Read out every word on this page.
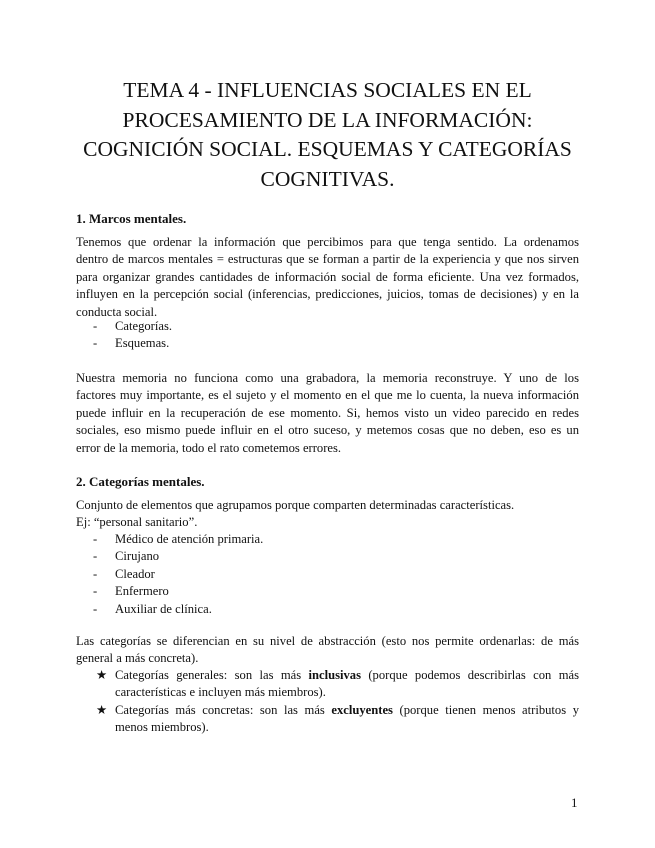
TEMA 4 - INFLUENCIAS SOCIALES EN EL
PROCESAMIENTO DE LA INFORMACIÓN:
COGNICIÓN SOCIAL. ESQUEMAS Y CATEGORÍAS
COGNITIVAS.
1. Marcos mentales.
Tenemos que ordenar la información que percibimos para que tenga sentido. La ordenamos
dentro de marcos mentales = estructuras que se forman a partir de la experiencia y que nos sirven
para organizar grandes cantidades de información social de forma eficiente. Una vez formados,
influyen en la percepción social (inferencias, predicciones, juicios, tomas de decisiones) y en la
conducta social.
- Categorías.
- Esquemas.
Nuestra memoria no funciona como una grabadora, la memoria reconstruye. Y uno de los
factores muy importante, es el sujeto y el momento en el que me lo cuenta, la nueva información
puede influir en la recuperación de ese momento. Si, hemos visto un video parecido en redes
sociales, eso mismo puede influir en el otro suceso, y metemos cosas que no deben, eso es un
error de la memoria, todo el rato cometemos errores.
2. Categorías mentales.
Conjunto de elementos que agrupamos porque comparten determinadas características.
Ej: “personal sanitario”.
- Médico de atención primaria.
- Cirujano
- Cleador
- Enfermero
- Auxiliar de clínica.
Las categorías se diferencian en su nivel de abstracción (esto nos permite ordenarlas: de más
general a más concreta).
★ Categorías generales: son las más inclusivas (porque podemos describirlas con más
características e incluyen más miembros).
★ Categorías más concretas: son las más excluyentes (porque tienen menos atributos y
menos miembros).
1
